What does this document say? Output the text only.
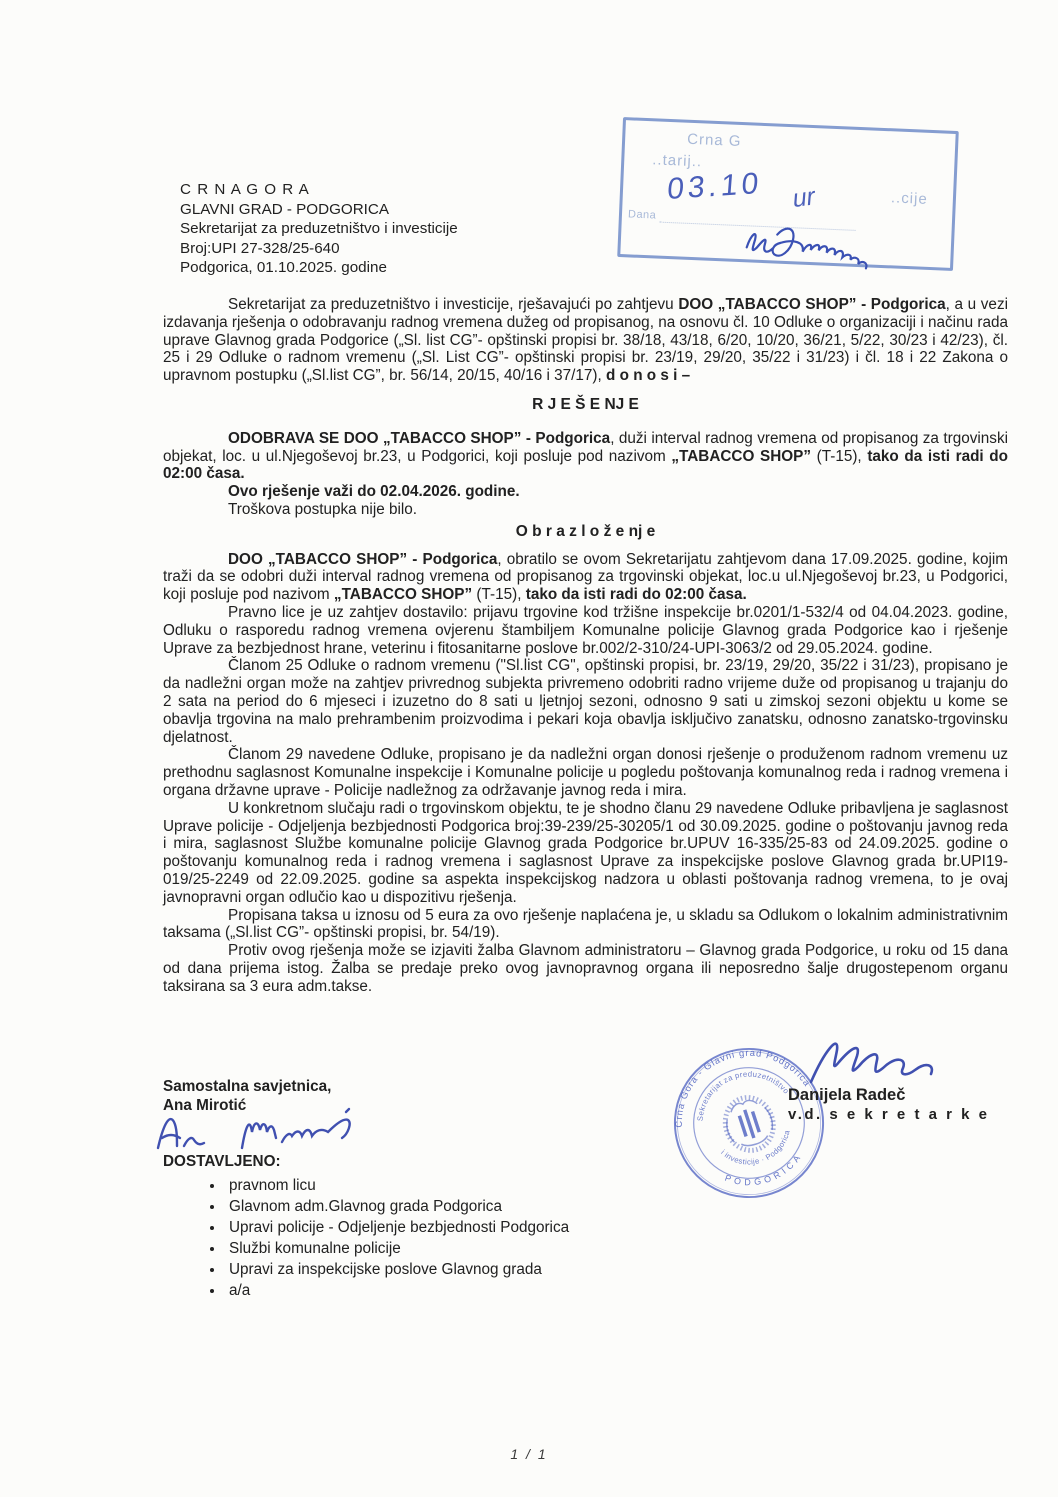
C R N A G O R A
GLAVNI GRAD - PODGORICA
Sekretarijat za preduzetništvo i investicije
Broj:UPI 27-328/25-640
Podgorica, 01.10.2025. godine
Crna G
..tarij..
..cije
Dana
03.10 ur

Sekretarijat za preduzetništvo i investicije, rješavajući po zahtjevu DOO „TABACCO SHOP” - Podgorica, a u vezi izdavanja rješenja o odobravanju radnog vremena dužeg od propisanog, na osnovu čl. 10 Odluke o organizaciji i načinu rada uprave Glavnog grada Podgorice („Sl. list CG”- opštinski propisi br. 38/18, 43/18, 6/20, 10/20, 36/21, 5/22, 30/23 i 42/23), čl. 25 i 29 Odluke o radnom vremenu („Sl. List CG”- opštinski propisi br. 23/19, 29/20, 35/22 i 31/23) i čl. 18 i 22 Zakona o upravnom postupku („Sl.list CG”, br. 56/14, 20/15, 40/16 i 37/17), d o n o s i –

R J E Š E NJ E

ODOBRAVA SE DOO „TABACCO SHOP” - Podgorica, duži interval radnog vremena od propisanog za trgovinski objekat, loc. u ul.Njegoševoj br.23, u Podgorici, koji posluje pod nazivom „TABACCO SHOP” (T-15), tako da isti radi do 02:00 časa.

Ovo rješenje važi do 02.04.2026. godine.

Troškova postupka nije bilo.

O b r a z l o ž e nj e

DOO „TABACCO SHOP” - Podgorica, obratilo se ovom Sekretarijatu zahtjevom dana 17.09.2025. godine, kojim traži da se odobri duži interval radnog vremena od propisanog za trgovinski objekat, loc.u ul.Njegoševoj br.23, u Podgorici, koji posluje pod nazivom „TABACCO SHOP” (T-15), tako da isti radi do 02:00 časa.

Pravno lice je uz zahtjev dostavilo: prijavu trgovine kod tržišne inspekcije br.0201/1-532/4 od 04.04.2023. godine, Odluku o rasporedu radnog vremena ovjerenu štambiljem Komunalne policije Glavnog grada Podgorice kao i rješenje Uprave za bezbjednost hrane, veterinu i fitosanitarne poslove br.002/2-310/24-UPI-3063/2 od 29.05.2024. godine.

Članom 25 Odluke o radnom vremenu ("Sl.list CG", opštinski propisi, br. 23/19, 29/20, 35/22 i 31/23), propisano je da nadležni organ može na zahtjev privrednog subjekta privremeno odobriti radno vrijeme duže od propisanog u trajanju do 2 sata na period do 6 mjeseci i izuzetno do 8 sati u ljetnjoj sezoni, odnosno 9 sati u zimskoj sezoni objektu u kome se obavlja trgovina na malo prehrambenim proizvodima i pekari koja obavlja isključivo zanatsku, odnosno zanatsko-trgovinsku djelatnost.

Članom 29 navedene Odluke, propisano je da nadležni organ donosi rješenje o produženom radnom vremenu uz prethodnu saglasnost Komunalne inspekcije i Komunalne policije u pogledu poštovanja komunalnog reda i radnog vremena i organa državne uprave - Policije nadležnog za održavanje javnog reda i mira.

U konkretnom slučaju radi o trgovinskom objektu, te je shodno članu 29 navedene Odluke pribavljena je saglasnost Uprave policije - Odjeljenja bezbjednosti Podgorica broj:39-239/25-30205/1 od 30.09.2025. godine o poštovanju javnog reda i mira, saglasnost Službe komunalne policije Glavnog grada Podgorice br.UPUV 16-335/25-83 od 24.09.2025. godine o poštovanju komunalnog reda i radnog vremena i saglasnost Uprave za inspekcijske poslove Glavnog grada br.UPI19-019/25-2249 od 22.09.2025. godine sa aspekta inspekcijskog nadzora u oblasti poštovanja radnog vremena, to je ovaj javnopravni organ odlučio kao u dispozitivu rješenja.

Propisana taksa u iznosu od 5 eura za ovo rješenje naplaćena je, u skladu sa Odlukom o lokalnim administrativnim taksama („Sl.list CG”- opštinski propisi, br. 54/19).

Protiv ovog rješenja može se izjaviti žalba Glavnom administratoru – Glavnog grada Podgorice, u roku od 15 dana od dana prijema istog. Žalba se predaje preko ovog javnopravnog organa ili neposredno šalje drugostepenom organu taksirana sa 3 eura adm.takse.

Samostalna savjetnica,
Ana Mirotić
Crna Gora - Glavni grad Podgorica
PODGORICA
Sekretarijat za preduzetništvo
i investicije · Podgorica
Danijela Radeč
v.d. s e k r e t a r k e
DOSTAVLJENO:
• pravnom licu
• Glavnom adm.Glavnog grada Podgorica
• Upravi policije - Odjeljenje bezbjednosti Podgorica
• Službi komunalne policije
• Upravi za inspekcijske poslove Glavnog grada
• a/a
1 / 1
